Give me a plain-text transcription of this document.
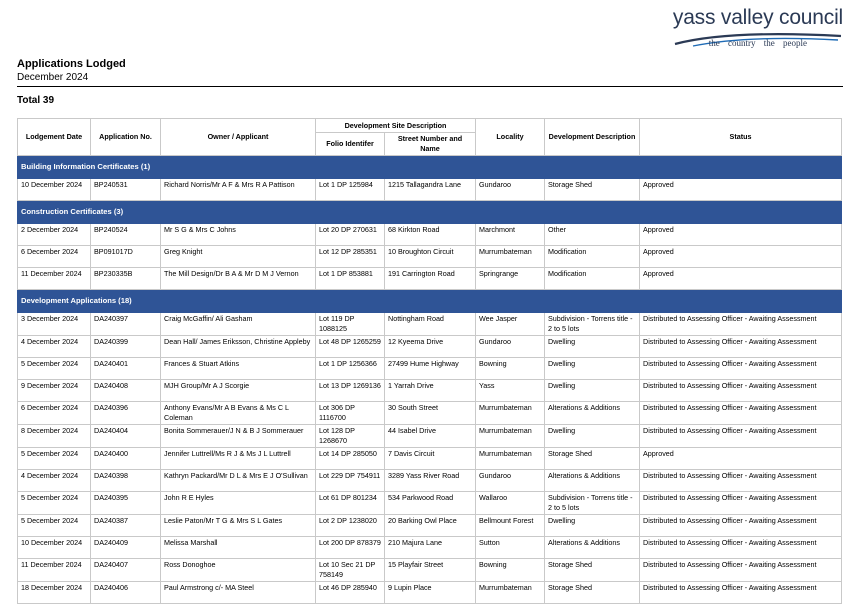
yass valley council
the country the people
Applications Lodged
December 2024
Total 39
Lodgement Date	Application No.	Owner / Applicant	Development Site Description		Locality	Development Description	Status
			Folio Identifer	Street Number and Name			
Building Information Certificates (1)							
10 December 2024	BP240531	Richard Norris/Mr A F & Mrs R A Pattison	Lot 1 DP 125984	1215 Tallagandra Lane	Gundaroo	Storage Shed	Approved
Construction Certificates (3)							
2 December 2024	BP240524	Mr S G & Mrs C Johns	Lot 20 DP 270631	68 Kirkton Road	Marchmont	Other	Approved
6 December 2024	BP091017D	Greg Knight	Lot 12 DP 285351	10 Broughton Circuit	Murrumbateman	Modification	Approved
11 December 2024	BP230335B	The Mill Design/Dr B A & Mr D M J Vernon	Lot 1 DP 853881	191 Carrington Road	Springrange	Modification	Approved
Development Applications (18)							
3 December 2024	DA240397	Craig McGaffin/ Ali Gasham	Lot 119 DP 1088125	Nottingham Road	Wee Jasper	Subdivision - Torrens title - 2 to 5 lots	Distributed to Assessing Officer - Awaiting Assessment
4 December 2024	DA240399	Dean Hall/ James Eriksson, Christine Appleby	Lot 48 DP 1265259	12 Kyeema Drive	Gundaroo	Dwelling	Distributed to Assessing Officer - Awaiting Assessment
5 December 2024	DA240401	Frances & Stuart Atkins	Lot 1 DP 1256366	27499 Hume Highway	Bowning	Dwelling	Distributed to Assessing Officer - Awaiting Assessment
9 December 2024	DA240408	MJH Group/Mr A J Scorgie	Lot 13 DP 1269136	1 Yarrah Drive	Yass	Dwelling	Distributed to Assessing Officer - Awaiting Assessment
6 December 2024	DA240396	Anthony Evans/Mr A B Evans & Ms C L Coleman	Lot 306 DP 1116700	30 South Street	Murrumbateman	Alterations & Additions	Distributed to Assessing Officer - Awaiting Assessment
8 December 2024	DA240404	Bonita Sommerauer/J N & B J Sommerauer	Lot 128 DP 1268670	44 Isabel Drive	Murrumbateman	Dwelling	Distributed to Assessing Officer - Awaiting Assessment
5 December 2024	DA240400	Jennifer Luttrell/Ms R J & Ms J L Luttrell	Lot 14 DP 285050	7 Davis Circuit	Murrumbateman	Storage Shed	Approved
4 December 2024	DA240398	Kathryn Packard/Mr D L & Mrs E J O'Sullivan	Lot 229 DP 754911	3289 Yass River Road	Gundaroo	Alterations & Additions	Distributed to Assessing Officer - Awaiting Assessment
5 December 2024	DA240395	John R E Hyles	Lot 61 DP 801234	534 Parkwood Road	Wallaroo	Subdivision - Torrens title - 2 to 5 lots	Distributed to Assessing Officer - Awaiting Assessment
5 December 2024	DA240387	Leslie Paton/Mr T G & Mrs S L Gates	Lot 2 DP 1238020	20 Barking Owl Place	Bellmount Forest	Dwelling	Distributed to Assessing Officer - Awaiting Assessment
10 December 2024	DA240409	Melissa Marshall	Lot 200 DP 878379	210 Majura Lane	Sutton	Alterations & Additions	Distributed to Assessing Officer - Awaiting Assessment
11 December 2024	DA240407	Ross Donoghoe	Lot 10 Sec 21 DP 758149	15 Playfair Street	Bowning	Storage Shed	Distributed to Assessing Officer - Awaiting Assessment
18 December 2024	DA240406	Paul Armstrong c/- MA Steel	Lot 46 DP 285940	9 Lupin Place	Murrumbateman	Storage Shed	Distributed to Assessing Officer - Awaiting Assessment
